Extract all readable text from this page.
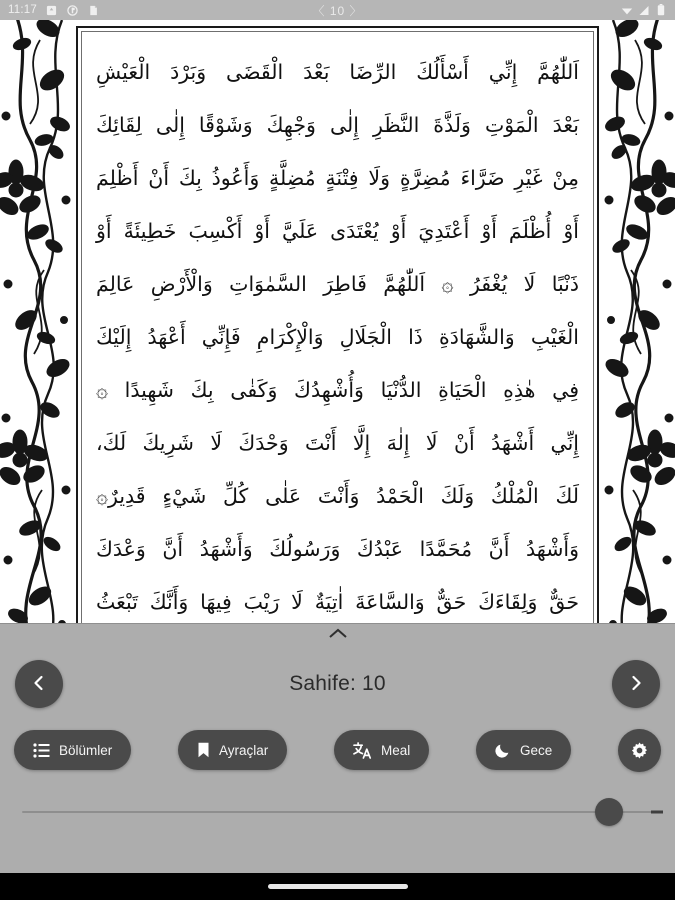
11:17	〈 10 〉
اَللّٰهُمَّ إِنِّي أَسْأَلُكَ الرِّضَا بَعْدَ الْقَضَى وَبَرْدَ الْعَيْشِ
بَعْدَ الْمَوْتِ وَلَذَّةَ النَّظَرِ إِلٰى وَجْهِكَ وَشَوْقًا إِلٰى لِقَائِكَ
مِنْ غَيْرِ ضَرَّاءَ مُضِرَّةٍ وَلَا فِتْنَةٍ مُضِلَّةٍ وَأَعُوذُ بِكَ أَنْ أَظْلِمَ
أَوْ أُظْلَمَ أَوْ أَعْتَدِيَ أَوْ يُعْتَدَى عَلَيَّ أَوْ أَكْسِبَ خَطِيئَةً أَوْ
ذَنْبًا لَا يُغْفَرُ ۞ اَللّٰهُمَّ فَاطِرَ السَّمٰوَاتِ وَالْأَرْضِ عَالِمَ
الْغَيْبِ وَالشَّهَادَةِ ذَا الْجَلَالِ وَالْإِكْرَامِ فَإِنِّي أَعْهَدُ إِلَيْكَ
فِي هٰذِهِ الْحَيَاةِ الدُّنْيَا وَأُشْهِدُكَ وَكَفٰى بِكَ شَهِيدًا ۞
إِنِّي أَشْهَدُ أَنْ لَا إِلٰهَ إِلَّا أَنْتَ وَحْدَكَ لَا شَرِيكَ لَكَ،
لَكَ الْمُلْكُ وَلَكَ الْحَمْدُ وَأَنْتَ عَلٰى كُلِّ شَيْءٍ قَدِيرٌ۞
وَأَشْهَدُ أَنَّ مُحَمَّدًا عَبْدُكَ وَرَسُولُكَ وَأَشْهَدُ أَنَّ وَعْدَكَ
حَقٌّ وَلِقَاءَكَ حَقٌّ وَالسَّاعَةَ اٰتِيَةٌ لَا رَيْبَ فِيهَا وَأَنَّكَ تَبْعَثُ
Sahife: 10
Bölümler	Ayraçlar	Meal	Gece
